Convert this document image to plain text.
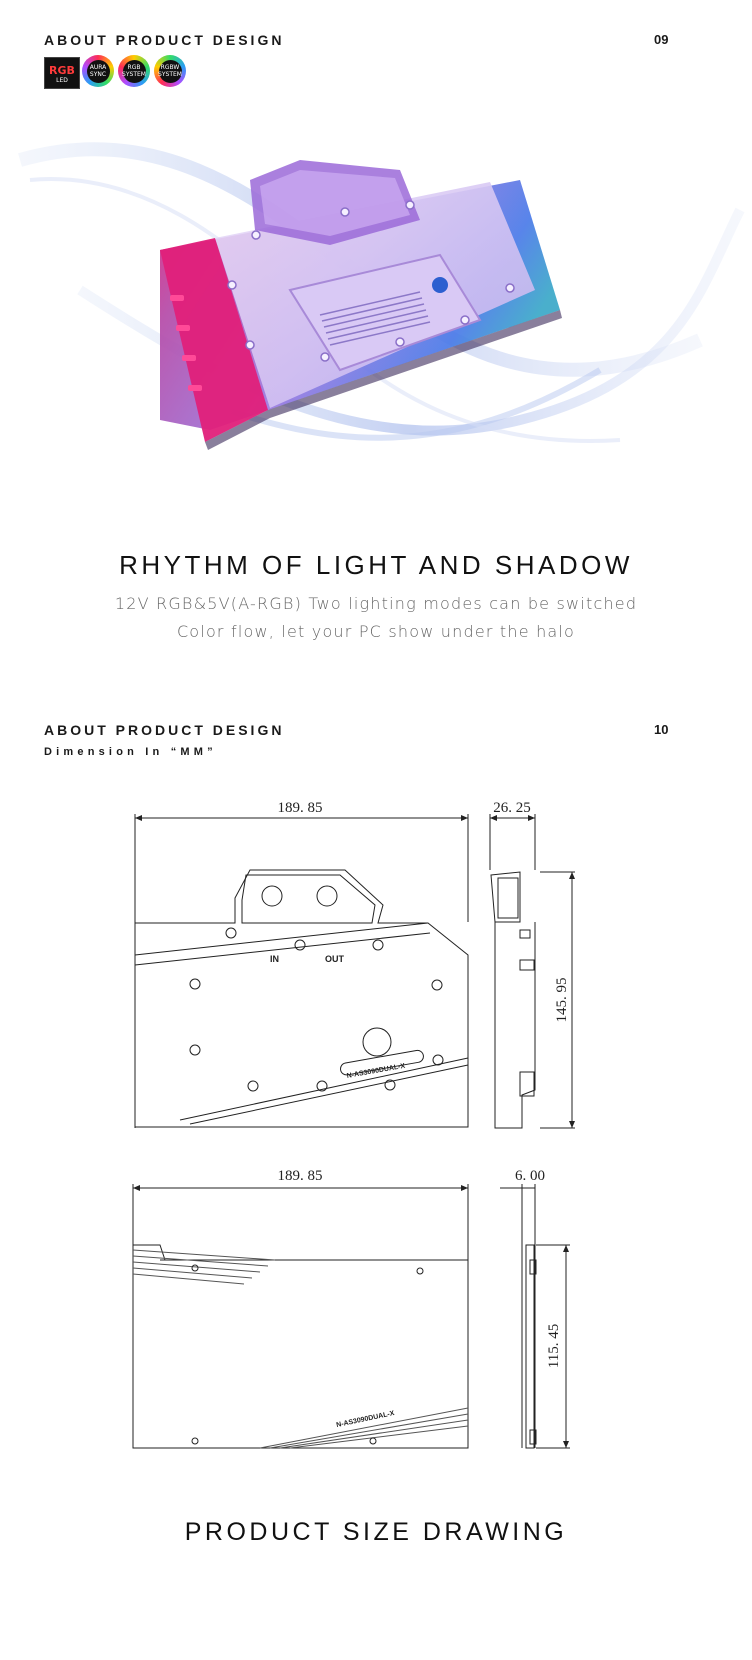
ABOUT PRODUCT DESIGN	09
RGB
LED
AURA
SYNC
RGB
SYSTEM
RGBW
SYSTEM
RHYTHM OF LIGHT AND SHADOW
12V RGB&5V(A-RGB) Two lighting modes can be switched
Color flow, let your PC show under the halo
ABOUT PRODUCT DESIGN	10
Dimension In “MM”
189. 85	26. 25
145. 95
IN	OUT
N-AS3090DUAL-X
189. 85	6. 00
115. 45
N-AS3090DUAL-X
PRODUCT SIZE DRAWING
